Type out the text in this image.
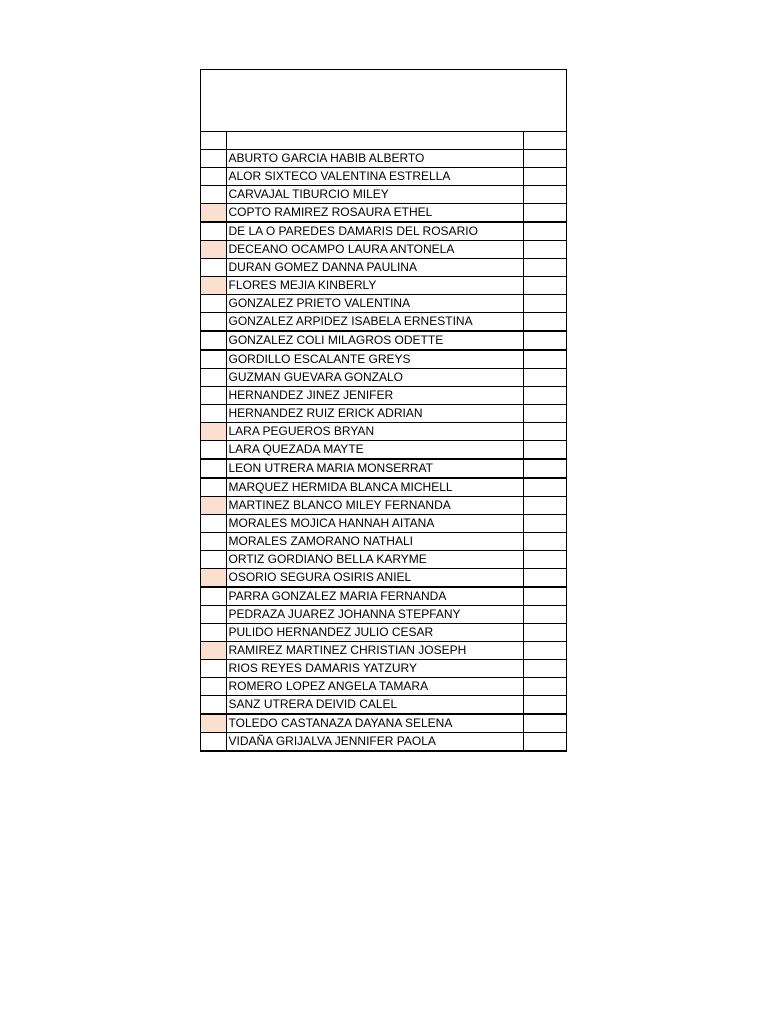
	ABURTO GARCIA HABIB ALBERTO	
	ALOR SIXTECO VALENTINA ESTRELLA	
	CARVAJAL TIBURCIO MILEY	
	COPTO RAMIREZ ROSAURA ETHEL	
	DE LA O PAREDES DAMARIS DEL ROSARIO	
	DECEANO OCAMPO LAURA ANTONELA	
	DURAN GOMEZ DANNA PAULINA	
	FLORES MEJIA KINBERLY	
	GONZALEZ PRIETO VALENTINA	
	GONZALEZ ARPIDEZ ISABELA ERNESTINA	
	GONZALEZ COLI MILAGROS ODETTE	
	GORDILLO ESCALANTE GREYS	
	GUZMAN GUEVARA GONZALO	
	HERNANDEZ JINEZ JENIFER	
	HERNANDEZ RUIZ ERICK ADRIAN	
	LARA PEGUEROS BRYAN	
	LARA QUEZADA MAYTE	
	LEON UTRERA MARIA MONSERRAT	
	MARQUEZ HERMIDA BLANCA MICHELL	
	MARTINEZ BLANCO MILEY FERNANDA	
	MORALES MOJICA HANNAH AITANA	
	MORALES ZAMORANO NATHALI	
	ORTIZ GORDIANO BELLA KARYME	
	OSORIO SEGURA OSIRIS ANIEL	
	PARRA GONZALEZ MARIA FERNANDA	
	PEDRAZA JUAREZ JOHANNA STEPFANY	
	PULIDO HERNANDEZ JULIO CESAR	
	RAMIREZ MARTINEZ CHRISTIAN JOSEPH	
	RIOS REYES DAMARIS YATZURY	
	ROMERO LOPEZ ANGELA TAMARA	
	SANZ UTRERA DEIVID CALEL	
	TOLEDO CASTANAZA DAYANA SELENA	
	VIDAÑA GRIJALVA JENNIFER PAOLA	
